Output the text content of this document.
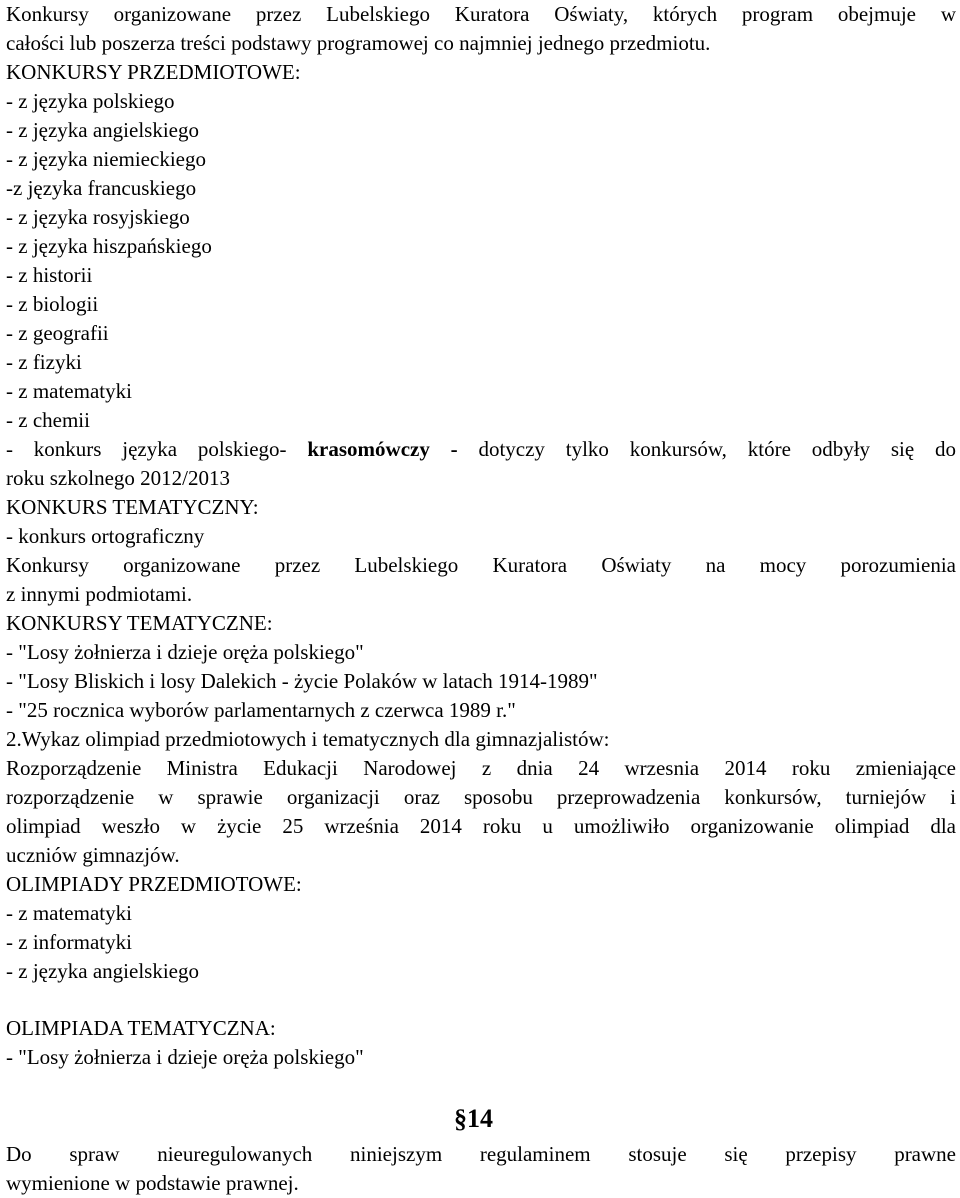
Konkursy organizowane przez Lubelskiego Kuratora Oświaty, których program obejmuje w
całości lub poszerza treści podstawy programowej co najmniej jednego przedmiotu.
KONKURSY PRZEDMIOTOWE:
- z języka polskiego
- z języka angielskiego
- z języka niemieckiego
-z języka francuskiego
- z języka rosyjskiego
- z języka hiszpańskiego
- z historii
- z biologii
- z geografii
- z fizyki
- z matematyki
- z chemii
- konkurs języka polskiego- krasomówczy - dotyczy tylko konkursów, które odbyły się do
roku szkolnego 2012/2013
KONKURS TEMATYCZNY:
- konkurs ortograficzny
Konkursy organizowane przez Lubelskiego Kuratora Oświaty na mocy porozumienia
z innymi podmiotami.
KONKURSY TEMATYCZNE:
- "Losy żołnierza i dzieje oręża polskiego"
- "Losy Bliskich i losy Dalekich - życie Polaków w latach 1914-1989"
- "25 rocznica wyborów parlamentarnych z czerwca 1989 r."
2.Wykaz olimpiad przedmiotowych i tematycznych dla gimnazjalistów:
Rozporządzenie Ministra Edukacji Narodowej z dnia 24 wrzesnia 2014 roku zmieniające
rozporządzenie w sprawie organizacji oraz sposobu przeprowadzenia konkursów, turniejów i
olimpiad weszło w życie 25 września 2014 roku u umożliwiło organizowanie olimpiad dla
uczniów gimnazjów.
OLIMPIADY PRZEDMIOTOWE:
- z matematyki
- z informatyki
- z języka angielskiego
OLIMPIADA TEMATYCZNA:
- "Losy żołnierza i dzieje oręża polskiego"
Do spraw nieuregulowanych niniejszym regulaminem stosuje się przepisy prawne
wymienione w podstawie prawnej.
§14
